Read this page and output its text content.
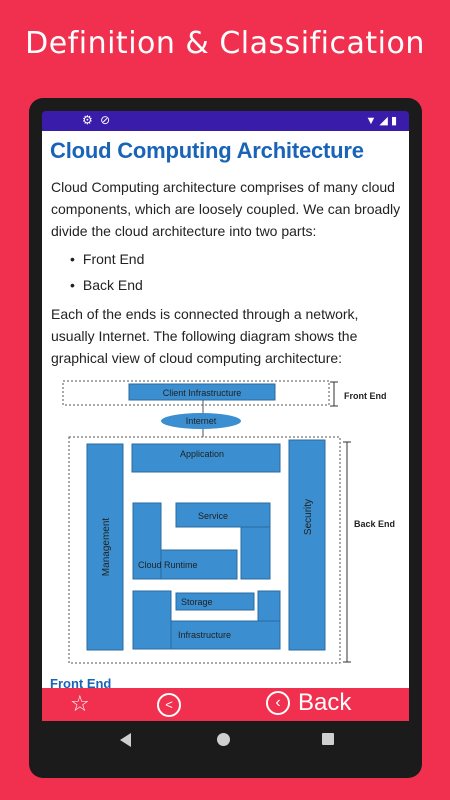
Definition & Classification
⚙ ⊘	▼ ◢ ▮
Cloud Computing Architecture
Cloud Computing architecture comprises of many cloud components, which are loosely coupled. We can broadly divide the cloud architecture into two parts:
• Front End
• Back End
Each of the ends is connected through a network, usually Internet. The following diagram shows the graphical view of cloud computing architecture:
Client Infrastructure	Front End
Internet
Back End
Management
Security
Application
Service
Cloud Runtime
Storage
Infrastructure
Front End
☆	<	‹ Back
